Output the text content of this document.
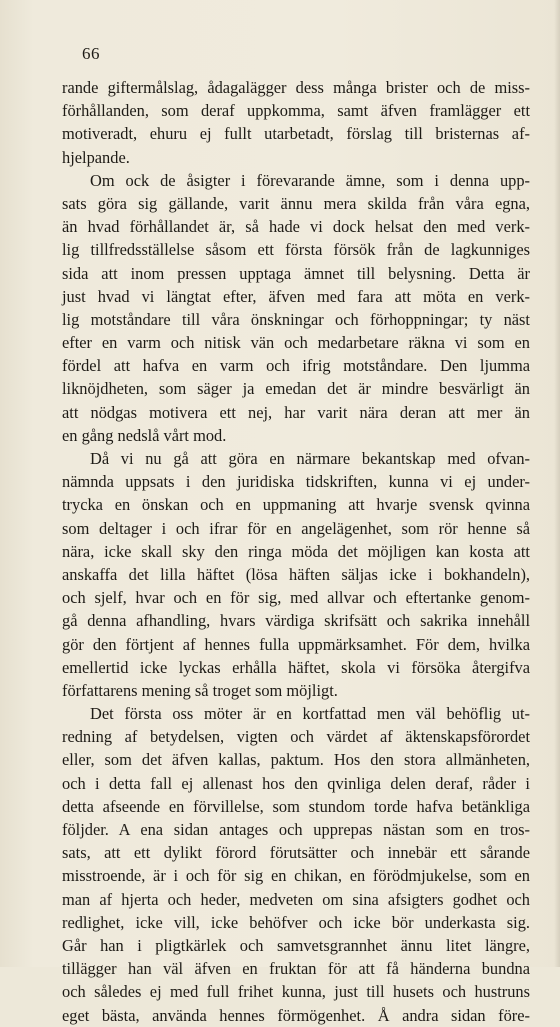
66
rande giftermålslag, ådagalägger dess många brister och de miss-
förhållanden, som deraf uppkomma, samt äfven framlägger ett
motiveradt, ehuru ej fullt utarbetadt, förslag till bristernas af-
hjelpande.
Om ock de åsigter i förevarande ämne, som i denna upp-
sats göra sig gällande, varit ännu mera skilda från våra egna,
än hvad förhållandet är, så hade vi dock helsat den med verk-
lig tillfredsställelse såsom ett första försök från de lagkunniges
sida att inom pressen upptaga ämnet till belysning. Detta är
just hvad vi längtat efter, äfven med fara att möta en verk-
lig motståndare till våra önskningar och förhoppningar; ty näst
efter en varm och nitisk vän och medarbetare räkna vi som en
fördel att hafva en varm och ifrig motståndare. Den ljumma
liknöjdheten, som säger ja emedan det är mindre besvärligt än
att nödgas motivera ett nej, har varit nära deran att mer än
en gång nedslå vårt mod.
Då vi nu gå att göra en närmare bekantskap med ofvan-
nämnda uppsats i den juridiska tidskriften, kunna vi ej under-
trycka en önskan och en uppmaning att hvarje svensk qvinna
som deltager i och ifrar för en angelägenhet, som rör henne så
nära, icke skall sky den ringa möda det möjligen kan kosta att
anskaffa det lilla häftet (lösa häften säljas icke i bokhandeln),
och sjelf, hvar och en för sig, med allvar och eftertanke genom-
gå denna afhandling, hvars värdiga skrifsätt och sakrika innehåll
gör den förtjent af hennes fulla uppmärksamhet. För dem, hvilka
emellertid icke lyckas erhålla häftet, skola vi försöka återgifva
författarens mening så troget som möjligt.
Det första oss möter är en kortfattad men väl behöflig ut-
redning af betydelsen, vigten och värdet af äktenskapsförordet
eller, som det äfven kallas, paktum. Hos den stora allmänheten,
och i detta fall ej allenast hos den qvinliga delen deraf, råder i
detta afseende en förvillelse, som stundom torde hafva betänkliga
följder. A ena sidan antages och upprepas nästan som en tros-
sats, att ett dylikt förord förutsätter och innebär ett sårande
misstroende, är i och för sig en chikan, en förödmjukelse, som en
man af hjerta och heder, medveten om sina afsigters godhet och
redlighet, icke vill, icke behöfver och icke bör underkasta sig.
Går han i pligtkärlek och samvetsgrannhet ännu litet längre,
tillägger han väl äfven en fruktan för att få händerna bundna
och således ej med full frihet kunna, just till husets och hustruns
eget bästa, använda hennes förmögenhet. Å andra sidan före-
